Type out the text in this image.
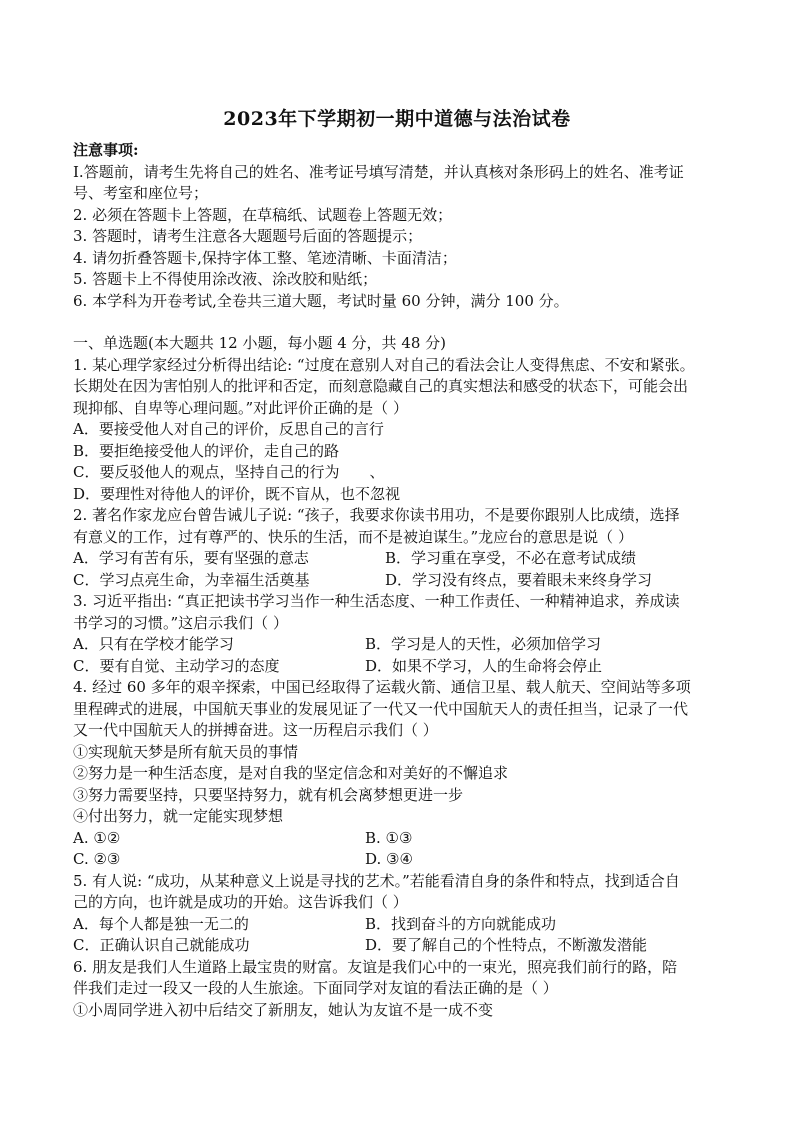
2023年下学期初一期中道德与法治试卷
注意事项:
I.答题前，请考生先将自己的姓名、准考证号填写清楚，并认真核对条形码上的姓名、准考证
号、考室和座位号；
2. 必须在答题卡上答题，在草稿纸、试题卷上答题无效；
3. 答题时，请考生注意各大题题号后面的答题提示；
4. 请勿折叠答题卡,保持字体工整、笔迹清晰、卡面清洁；
5. 答题卡上不得使用涂改液、涂改胶和贴纸；
6. 本学科为开卷考试,全卷共三道大题，考试时量 60 分钟，满分 100 分。
一、单选题(本大题共 12 小题，每小题 4 分，共 48 分)
1. 某心理学家经过分析得出结论: “过度在意别人对自己的看法会让人变得焦虑、不安和紧张。
长期处在因为害怕别人的批评和否定，而刻意隐藏自己的真实想法和感受的状态下，可能会出
现抑郁、自卑等心理问题。”对此评价正确的是（ ）
A．要接受他人对自己的评价，反思自己的言行
B．要拒绝接受他人的评价，走自己的路
C．要反驳他人的观点，坚持自己的行为　　、
D．要理性对待他人的评价，既不盲从，也不忽视
2. 著名作家龙应台曾告诫儿子说: “孩子，我要求你读书用功，不是要你跟别人比成绩，选择
有意义的工作，过有尊严的、快乐的生活，而不是被迫谋生。”龙应台的意思是说（ ）
A．学习有苦有乐，要有坚强的意志	B．学习重在享受，不必在意考试成绩
C．学习点亮生命，为幸福生活奠基	D．学习没有终点，要着眼未来终身学习
3. 习近平指出: “真正把读书学习当作一种生活态度、一种工作责任、一种精神追求，养成读
书学习的习惯。”这启示我们（ ）
A．只有在学校才能学习	B．学习是人的天性，必须加倍学习
C．要有自觉、主动学习的态度	D．如果不学习，人的生命将会停止
4. 经过 60 多年的艰辛探索，中国已经取得了运载火箭、通信卫星、载人航天、空间站等多项
里程碑式的进展，中国航天事业的发展见证了一代又一代中国航天人的责任担当，记录了一代
又一代中国航天人的拼搏奋进。这一历程启示我们（ ）
①实现航天梦是所有航天员的事情
②努力是一种生活态度，是对自我的坚定信念和对美好的不懈追求
③努力需要坚持，只要坚持努力，就有机会离梦想更进一步
④付出努力，就一定能实现梦想
A. ①②	B. ①③
C. ②③	D. ③④
5. 有人说: “成功，从某种意义上说是寻找的艺术。”若能看清自身的条件和特点，找到适合自
己的方向，也许就是成功的开始。这告诉我们（ ）
A．每个人都是独一无二的	B．找到奋斗的方向就能成功
C．正确认识自己就能成功	D．要了解自己的个性特点，不断激发潜能
6. 朋友是我们人生道路上最宝贵的财富。友谊是我们心中的一束光，照亮我们前行的路，陪
伴我们走过一段又一段的人生旅途。下面同学对友谊的看法正确的是（ ）
①小周同学进入初中后结交了新朋友，她认为友谊不是一成不变
